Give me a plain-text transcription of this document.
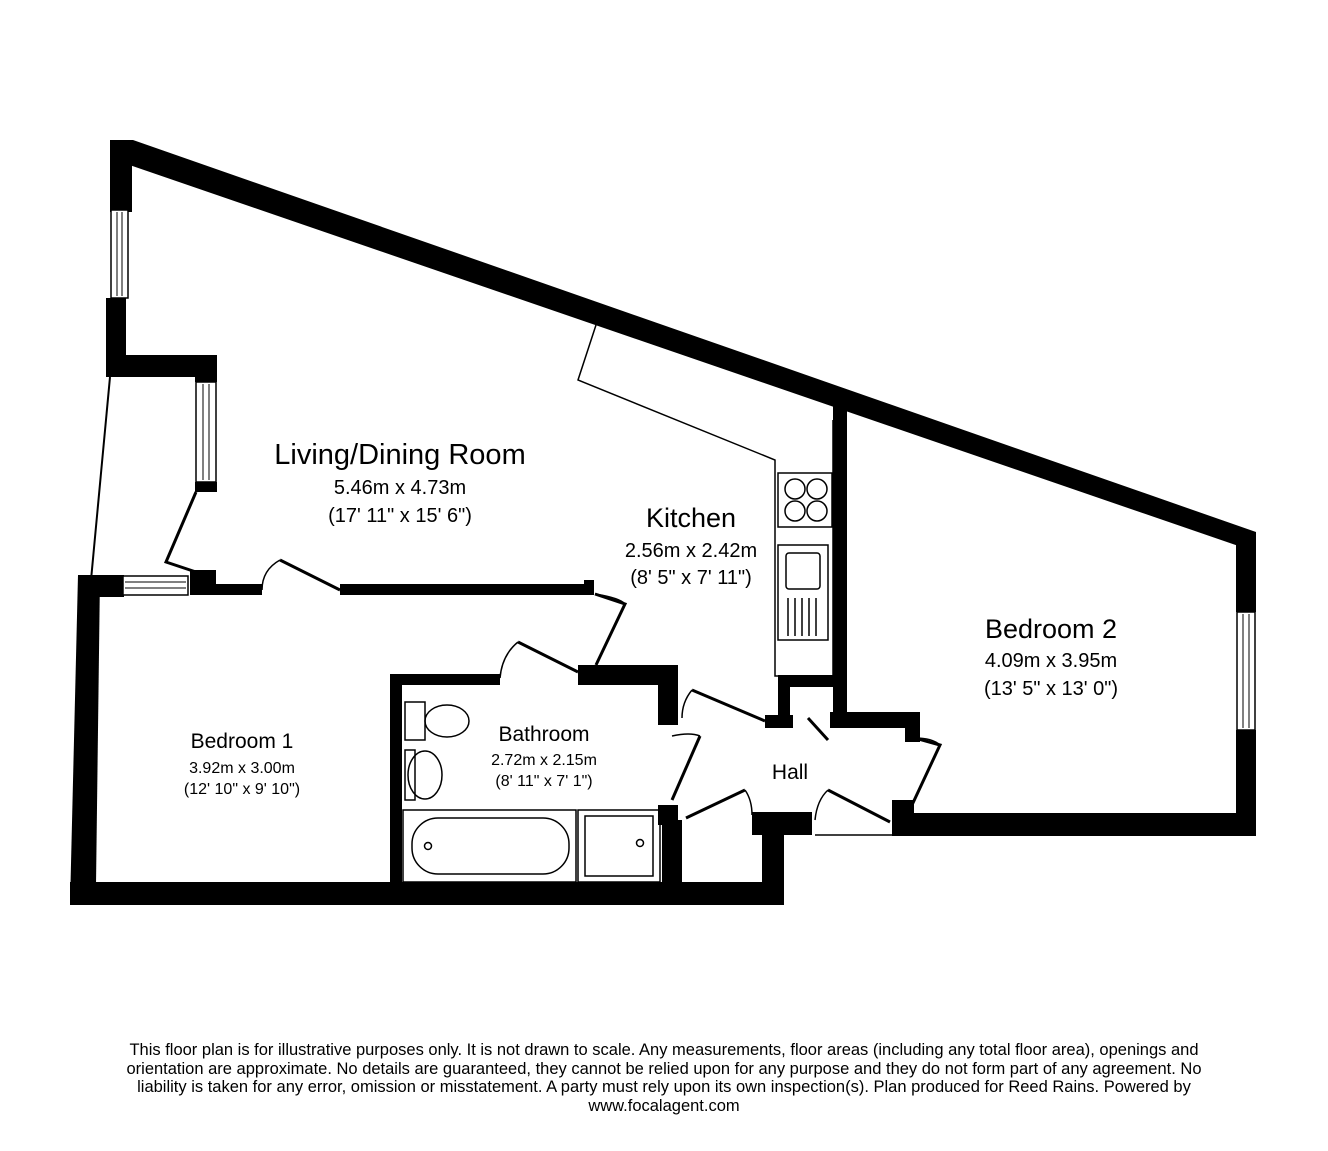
Living/Dining Room
5.46m x 4.73m
(17' 11" x 15' 6")	Kitchen
2.56m x 2.42m
(8' 5" x 7' 11")
Bedroom 2
4.09m x 3.95m
(13' 5" x 13' 0")
Bedroom 1
3.92m x 3.00m
(12' 10" x 9' 10")
Bathroom
2.72m x 2.15m
(8' 11" x 7' 1")	Hall
This floor plan is for illustrative purposes only. It is not drawn to scale. Any measurements, floor areas (including any total floor area), openings and
orientation are approximate. No details are guaranteed, they cannot be relied upon for any purpose and they do not form part of any agreement. No
liability is taken for any error, omission or misstatement. A party must rely upon its own inspection(s). Plan produced for Reed Rains. Powered by
www.focalagent.com
